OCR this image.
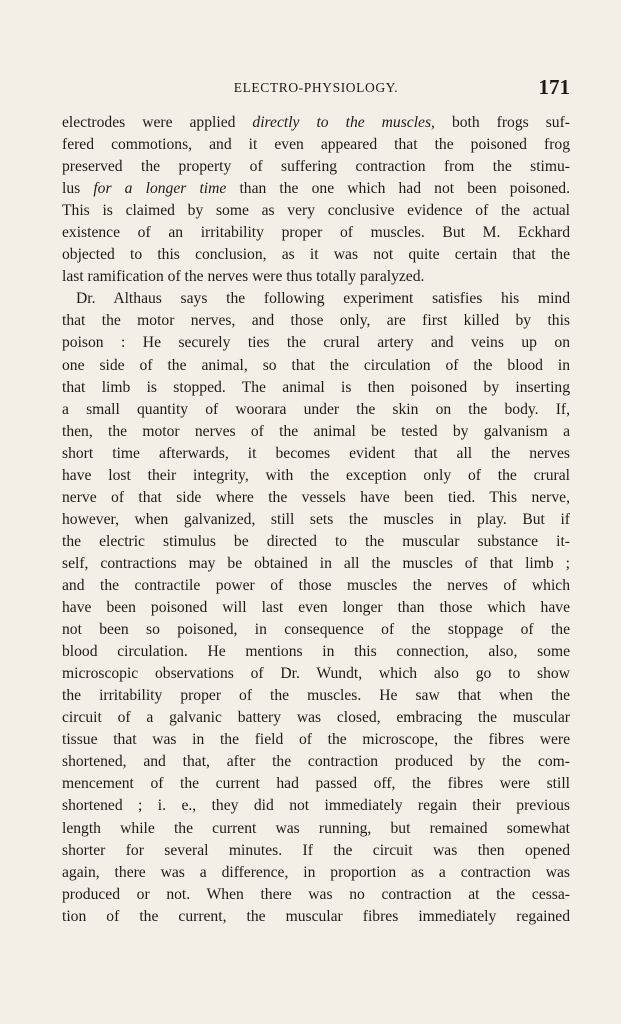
ELECTRO-PHYSIOLOGY.	171
electrodes were applied directly to the muscles, both frogs suf-
fered commotions, and it even appeared that the poisoned frog
preserved the property of suffering contraction from the stimu-
lus for a longer time than the one which had not been poisoned.
This is claimed by some as very conclusive evidence of the actual
existence of an irritability proper of muscles. But M. Eckhard
objected to this conclusion, as it was not quite certain that the
last ramification of the nerves were thus totally paralyzed.
Dr. Althaus says the following experiment satisfies his mind
that the motor nerves, and those only, are first killed by this
poison : He securely ties the crural artery and veins up on
one side of the animal, so that the circulation of the blood in
that limb is stopped. The animal is then poisoned by inserting
a small quantity of woorara under the skin on the body. If,
then, the motor nerves of the animal be tested by galvanism a
short time afterwards, it becomes evident that all the nerves
have lost their integrity, with the exception only of the crural
nerve of that side where the vessels have been tied. This nerve,
however, when galvanized, still sets the muscles in play. But if
the electric stimulus be directed to the muscular substance it-
self, contractions may be obtained in all the muscles of that limb ;
and the contractile power of those muscles the nerves of which
have been poisoned will last even longer than those which have
not been so poisoned, in consequence of the stoppage of the
blood circulation. He mentions in this connection, also, some
microscopic observations of Dr. Wundt, which also go to show
the irritability proper of the muscles. He saw that when the
circuit of a galvanic battery was closed, embracing the muscular
tissue that was in the field of the microscope, the fibres were
shortened, and that, after the contraction produced by the com-
mencement of the current had passed off, the fibres were still
shortened ; i. e., they did not immediately regain their previous
length while the current was running, but remained somewhat
shorter for several minutes. If the circuit was then opened
again, there was a difference, in proportion as a contraction was
produced or not. When there was no contraction at the cessa-
tion of the current, the muscular fibres immediately regained
